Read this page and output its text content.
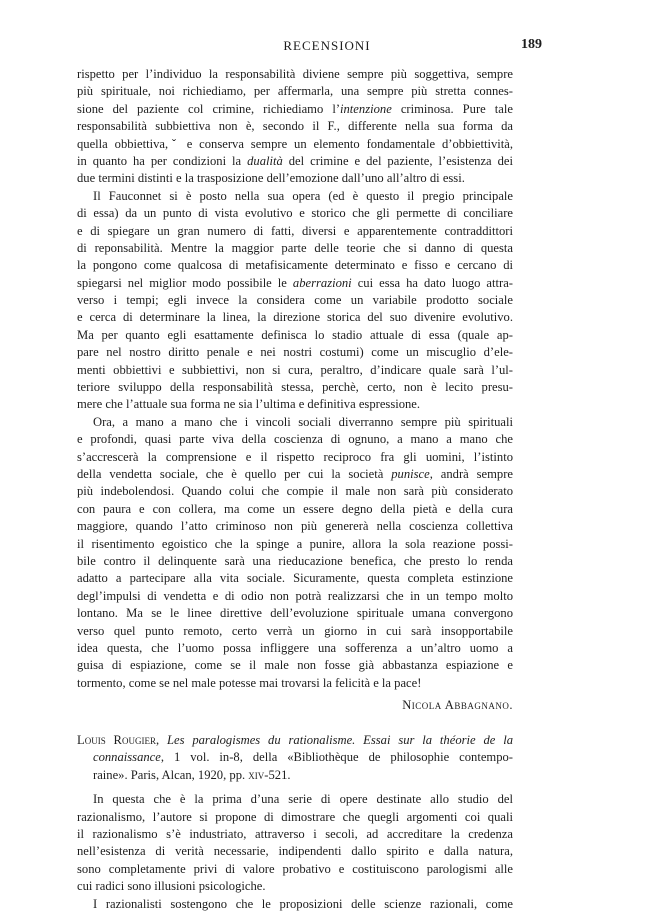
RECENSIONI	189
rispetto per l’individuo la responsabilità diviene sempre più soggettiva, sempre
più spirituale, noi richiediamo, per affermarla, una sempre più stretta connes-
sione del paziente col crimine, richiediamo l’intenzione criminosa. Pure tale
responsabilità subbiettiva non è, secondo il F., differente nella sua forma da
quella obbiettiva,ˇ e conserva sempre un elemento fondamentale d’obbiettività,
in quanto ha per condizioni la dualità del crimine e del paziente, l’esistenza dei
due termini distinti e la trasposizione dell’emozione dall’uno all’altro di essi.
Il Fauconnet si è posto nella sua opera (ed è questo il pregio principale
di essa) da un punto di vista evolutivo e storico che gli permette di conciliare
e di spiegare un gran numero di fatti, diversi e apparentemente contraddittori
di reponsabilità. Mentre la maggior parte delle teorie che si danno di questa
la pongono come qualcosa di metafisicamente determinato e fisso e cercano di
spiegarsi nel miglior modo possibile le aberrazioni cui essa ha dato luogo attra-
verso i tempi; egli invece la considera come un variabile prodotto sociale
e cerca di determinare la linea, la direzione storica del suo divenire evolutivo.
Ma per quanto egli esattamente definisca lo stadio attuale di essa (quale ap-
pare nel nostro diritto penale e nei nostri costumi) come un miscuglio d’ele-
menti obbiettivi e subbiettivi, non si cura, peraltro, d’indicare quale sarà l’ul-
teriore sviluppo della responsabilità stessa, perchè, certo, non è lecito presu-
mere che l’attuale sua forma ne sia l’ultima e definitiva espressione.
Ora, a mano a mano che i vincoli sociali diverranno sempre più spirituali
e profondi, quasi parte viva della coscienza di ognuno, a mano a mano che
s’accrescerà la comprensione e il rispetto reciproco fra gli uomini, l’istinto
della vendetta sociale, che è quello per cui la società punisce, andrà sempre
più indebolendosi. Quando colui che compie il male non sarà più considerato
con paura e con collera, ma come un essere degno della pietà e della cura
maggiore, quando l’atto criminoso non più genererà nella coscienza collettiva
il risentimento egoistico che la spinge a punire, allora la sola reazione possi-
bile contro il delinquente sarà una rieducazione benefica, che presto lo renda
adatto a partecipare alla vita sociale. Sicuramente, questa completa estinzione
degl’impulsi di vendetta e di odio non potrà realizzarsi che in un tempo molto
lontano. Ma se le linee direttive dell’evoluzione spirituale umana convergono
verso quel punto remoto, certo verrà un giorno in cui sarà insopportabile
idea questa, che l’uomo possa infliggere una sofferenza a un’altro uomo a
guisa di espiazione, come se il male non fosse già abbastanza espiazione e
tormento, come se nel male potesse mai trovarsi la felicità e la pace!
Nicola Abbagnano.
Louis Rougier, Les paralogismes du rationalisme. Essai sur la théorie de la
connaissance, 1 vol. in-8, della «Bibliothèque de philosophie contempo-
raine». Paris, Alcan, 1920, pp. xiv-521.
In questa che è la prima d’una serie di opere destinate allo studio del
razionalismo, l’autore si propone di dimostrare che quegli argomenti coi quali
il razionalismo s’è industriato, attraverso i secoli, ad accreditare la credenza
nell’esistenza di verità necessarie, indipendenti dallo spirito e dalla natura,
sono completamente privi di valore probativo e costituiscono parologismi alle
cui radici sono illusioni psicologiche.
I razionalisti sostengono che le proposizioni delle scienze razionali, come
